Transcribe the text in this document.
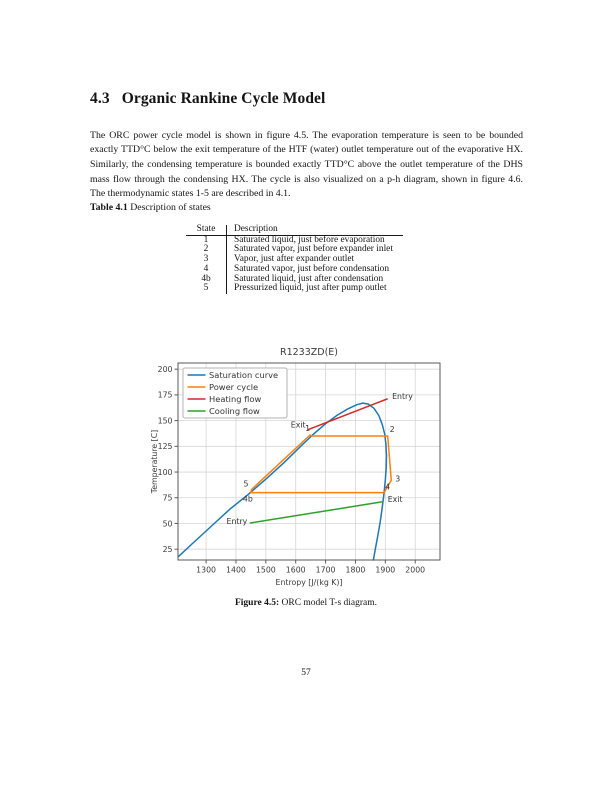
4.3 Organic Rankine Cycle Model

The ORC power cycle model is shown in figure 4.5. The evaporation temperature is seen to be bounded exactly TTD°C below the exit temperature of the HTF (water) outlet temperature out of the evaporative HX. Similarly, the condensing temperature is bounded exactly TTD°C above the outlet temperature of the DHS mass flow through the condensing HX. The cycle is also visualized on a p-h diagram, shown in figure 4.6. The thermodynamic states 1-5 are described in 4.1.

Table 4.1 Description of states
State	Description
1	Saturated liquid, just before evaporation
2	Saturated vapor, just before expander inlet
3	Vapor, just after expander outlet
4	Saturated vapor, just before condensation
4b	Saturated liquid, just after condensation
5	Pressurized liquid, just after pump outlet
1300 1400 1500 1600 1700 1800 1900 2000
25
50
75
100
125
150
175
200
R1233ZD(E)
Entropy [J/(kg K)]
Temperature [C]
Entry
Exit 1	2
3
4
4b
5
Entry
Exit
Saturation curve
Power cycle
Heating flow
Cooling flow
Figure 4.5: ORC model T-s diagram.
57
